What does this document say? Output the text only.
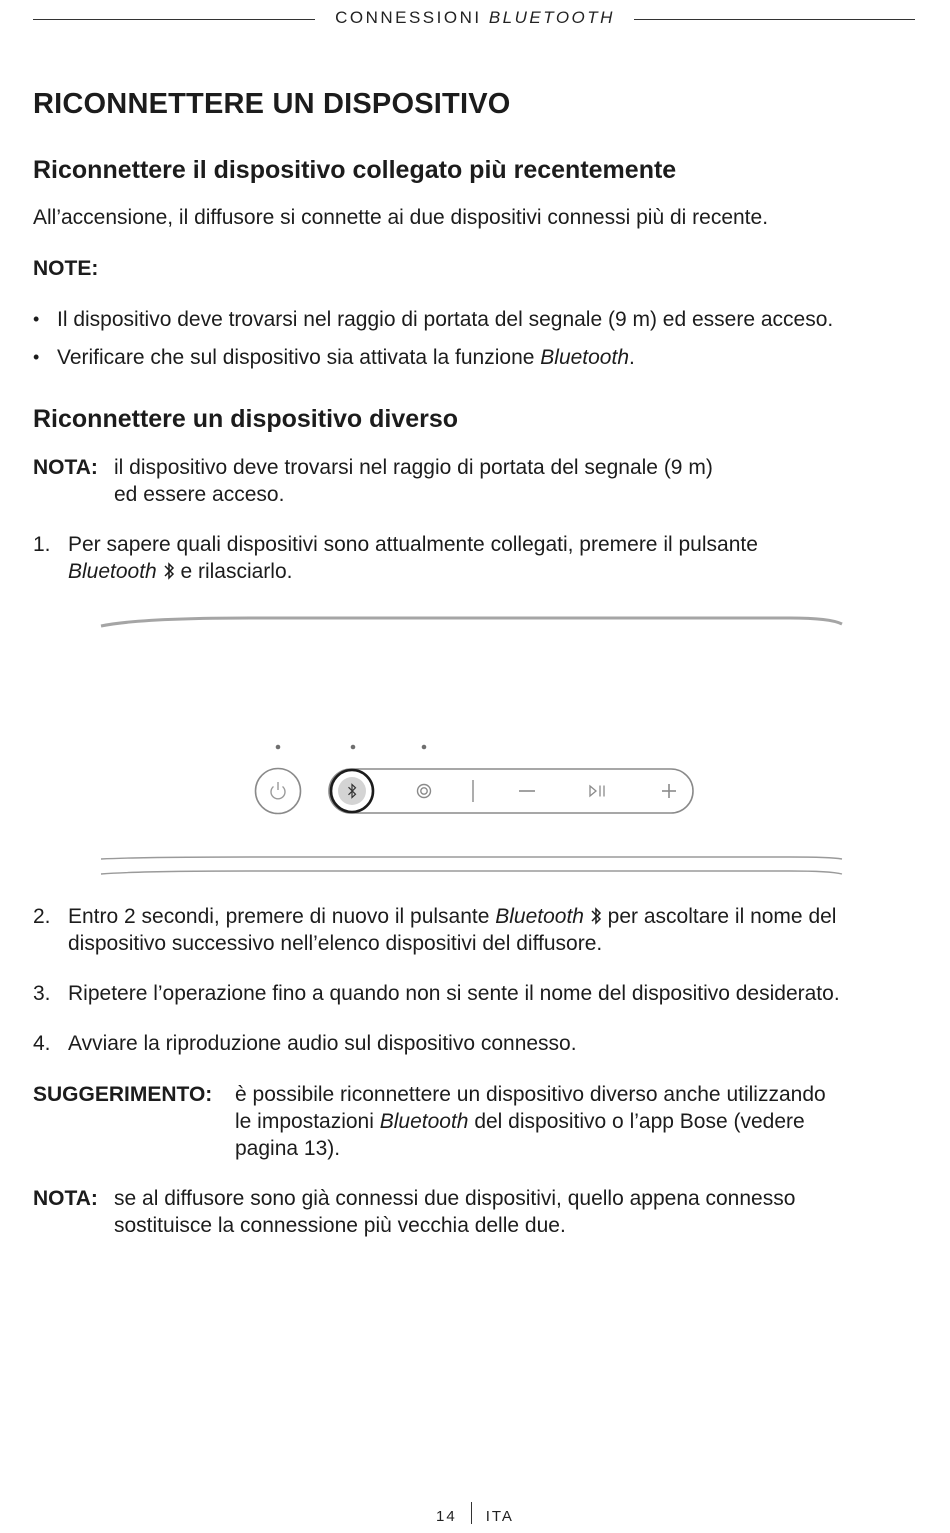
CONNESSIONI BLUETOOTH
RICONNETTERE UN DISPOSITIVO
Riconnettere il dispositivo collegato più recentemente
All’accensione, il diffusore si connette ai due dispositivi connessi più di recente.
NOTE:
• Il dispositivo deve trovarsi nel raggio di portata del segnale (9 m) ed essere acceso.
• Verificare che sul dispositivo sia attivata la funzione Bluetooth.
Riconnettere un dispositivo diverso
NOTA: il dispositivo deve trovarsi nel raggio di portata del segnale (9 m)
ed essere acceso.
1. Per sapere quali dispositivi sono attualmente collegati, premere il pulsante
Bluetooth e rilasciarlo.
2. Entro 2 secondi, premere di nuovo il pulsante Bluetooth  per ascoltare il nome del
dispositivo successivo nell’elenco dispositivi del diffusore.
3. Ripetere l’operazione fino a quando non si sente il nome del dispositivo desiderato.
4. Avviare la riproduzione audio sul dispositivo connesso.
SUGGERIMENTO: è possibile riconnettere un dispositivo diverso anche utilizzando
le impostazioni Bluetooth del dispositivo o l’app Bose (vedere
pagina 13).
NOTA: se al diffusore sono già connessi due dispositivi, quello appena connesso
sostituisce la connessione più vecchia delle due.
14 ITA
